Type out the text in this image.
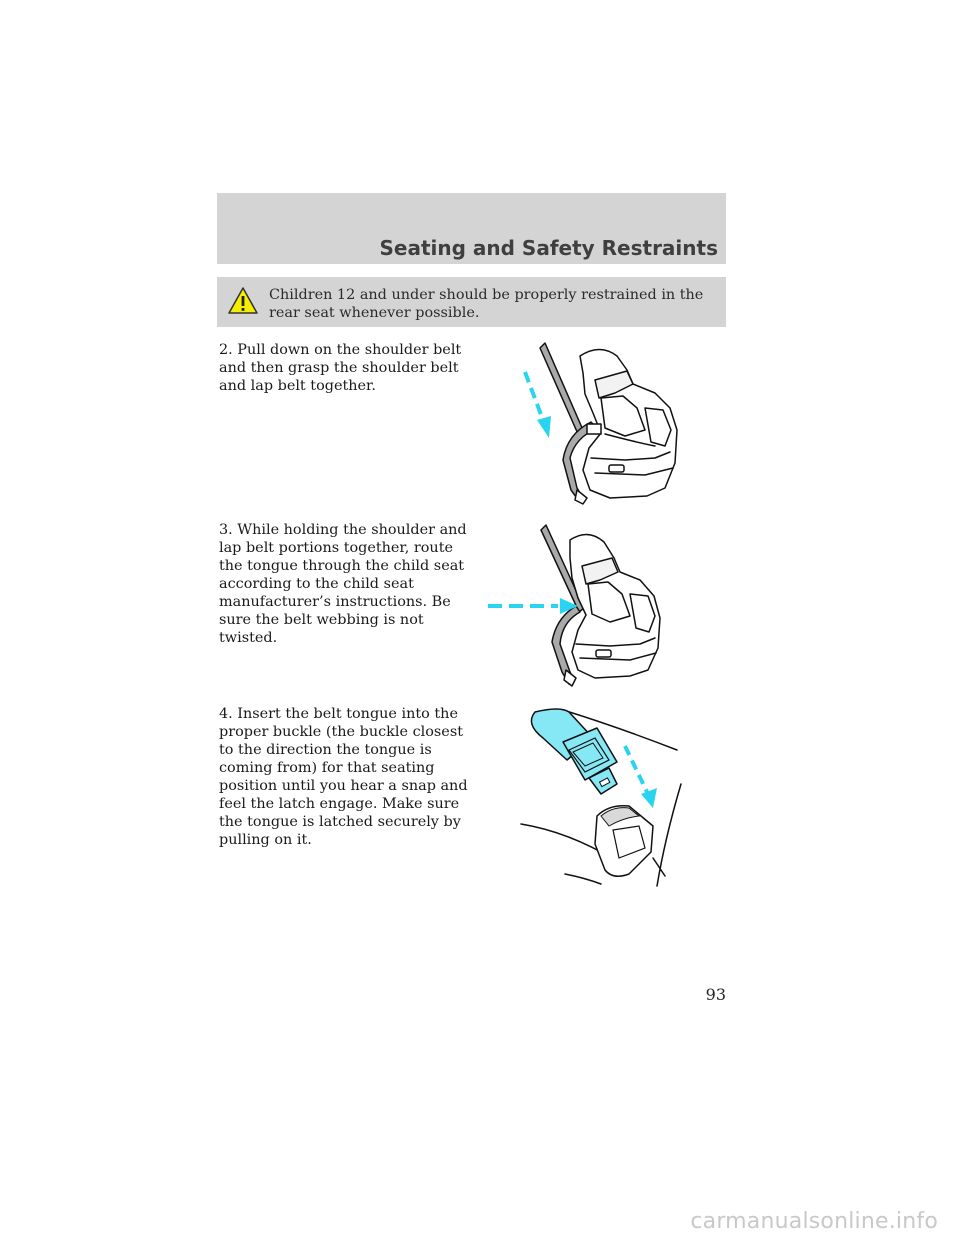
Seating and Safety Restraints

Children 12 and under should be properly restrained in the rear seat whenever possible.

2. Pull down on the shoulder belt and then grasp the shoulder belt and lap belt together.

3. While holding the shoulder and lap belt portions together, route the tongue through the child seat according to the child seat manufacturer’s instructions. Be sure the belt webbing is not twisted.

4. Insert the belt tongue into the proper buckle (the buckle closest to the direction the tongue is coming from) for that seating position until you hear a snap and feel the latch engage. Make sure the tongue is latched securely by pulling on it.

93

carmanualsonline.info
